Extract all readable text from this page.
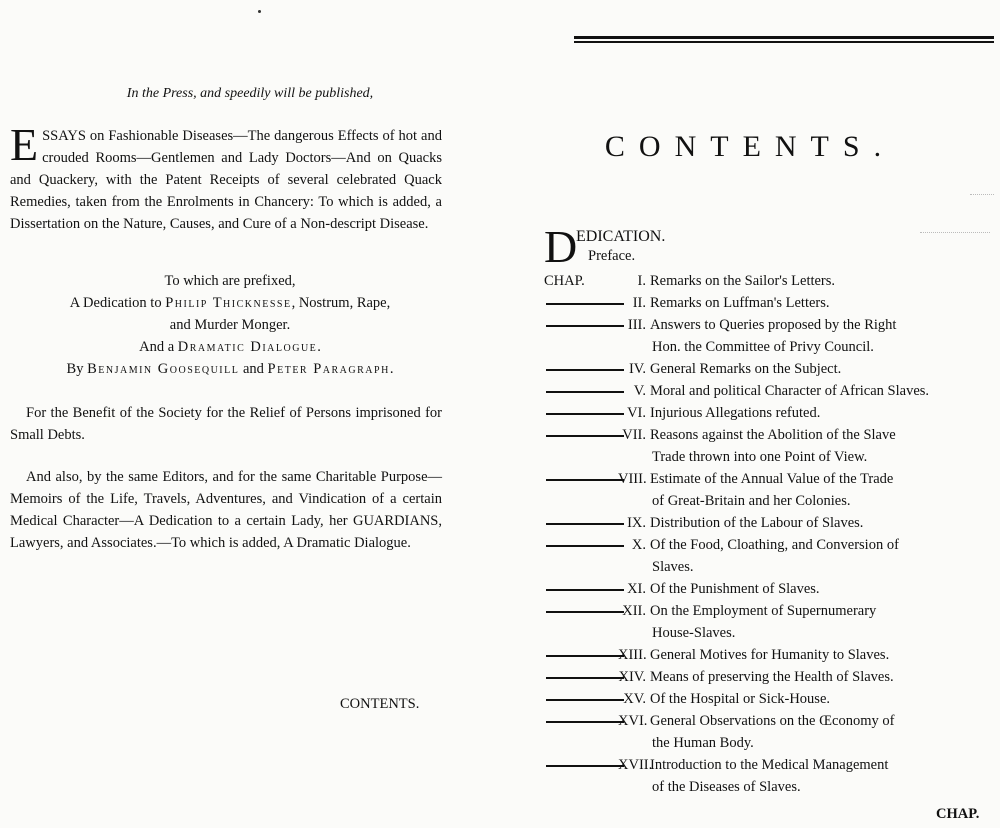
In the Press, and speedily will be published,
ESSAYS on Fashionable Diseases—The dangerous Effects of hot and crouded Rooms—Gentlemen and Lady Doctors—And on Quacks and Quackery, with the Patent Receipts of several celebrated Quack Remedies, taken from the Enrolments in Chancery: To which is added, a Dissertation on the Nature, Causes, and Cure of a Non-descript Disease.
To which are prefixed,
A Dedication to Philip Thicknesse, Nostrum, Rape,
and Murder Monger.
And a Dramatic Dialogue.
By Benjamin Goosequill and Peter Paragraph.
For the Benefit of the Society for the Relief of Persons imprisoned for Small Debts.
And also, by the same Editors, and for the same Charitable Purpose—Memoirs of the Life, Travels, Adventures, and Vindication of a certain Medical Character—A Dedication to a certain Lady, her GUARDIANS, Lawyers, and Associates.—To which is added, A Dramatic Dialogue.
CONTENTS.
CONTENTS.
D
EDICATION.
Preface.
CHAP.	I. Remarks on the Sailor's Letters.
II. Remarks on Luffman's Letters.
III. Answers to Queries proposed by the Right
Hon. the Committee of Privy Council.
IV. General Remarks on the Subject.
V. Moral and political Character of African Slaves.
VI. Injurious Allegations refuted.
VII. Reasons against the Abolition of the Slave
Trade thrown into one Point of View.
VIII. Estimate of the Annual Value of the Trade
of Great-Britain and her Colonies.
IX. Distribution of the Labour of Slaves.
X. Of the Food, Cloathing, and Conversion of
Slaves.
XI. Of the Punishment of Slaves.
XII. On the Employment of Supernumerary
House-Slaves.
XIII. General Motives for Humanity to Slaves.
XIV. Means of preserving the Health of Slaves.
XV. Of the Hospital or Sick-House.
XVI. General Observations on the Œconomy of
the Human Body.
XVII.
Introduction to the Medical Management
of the Diseases of Slaves.
CHAP.
